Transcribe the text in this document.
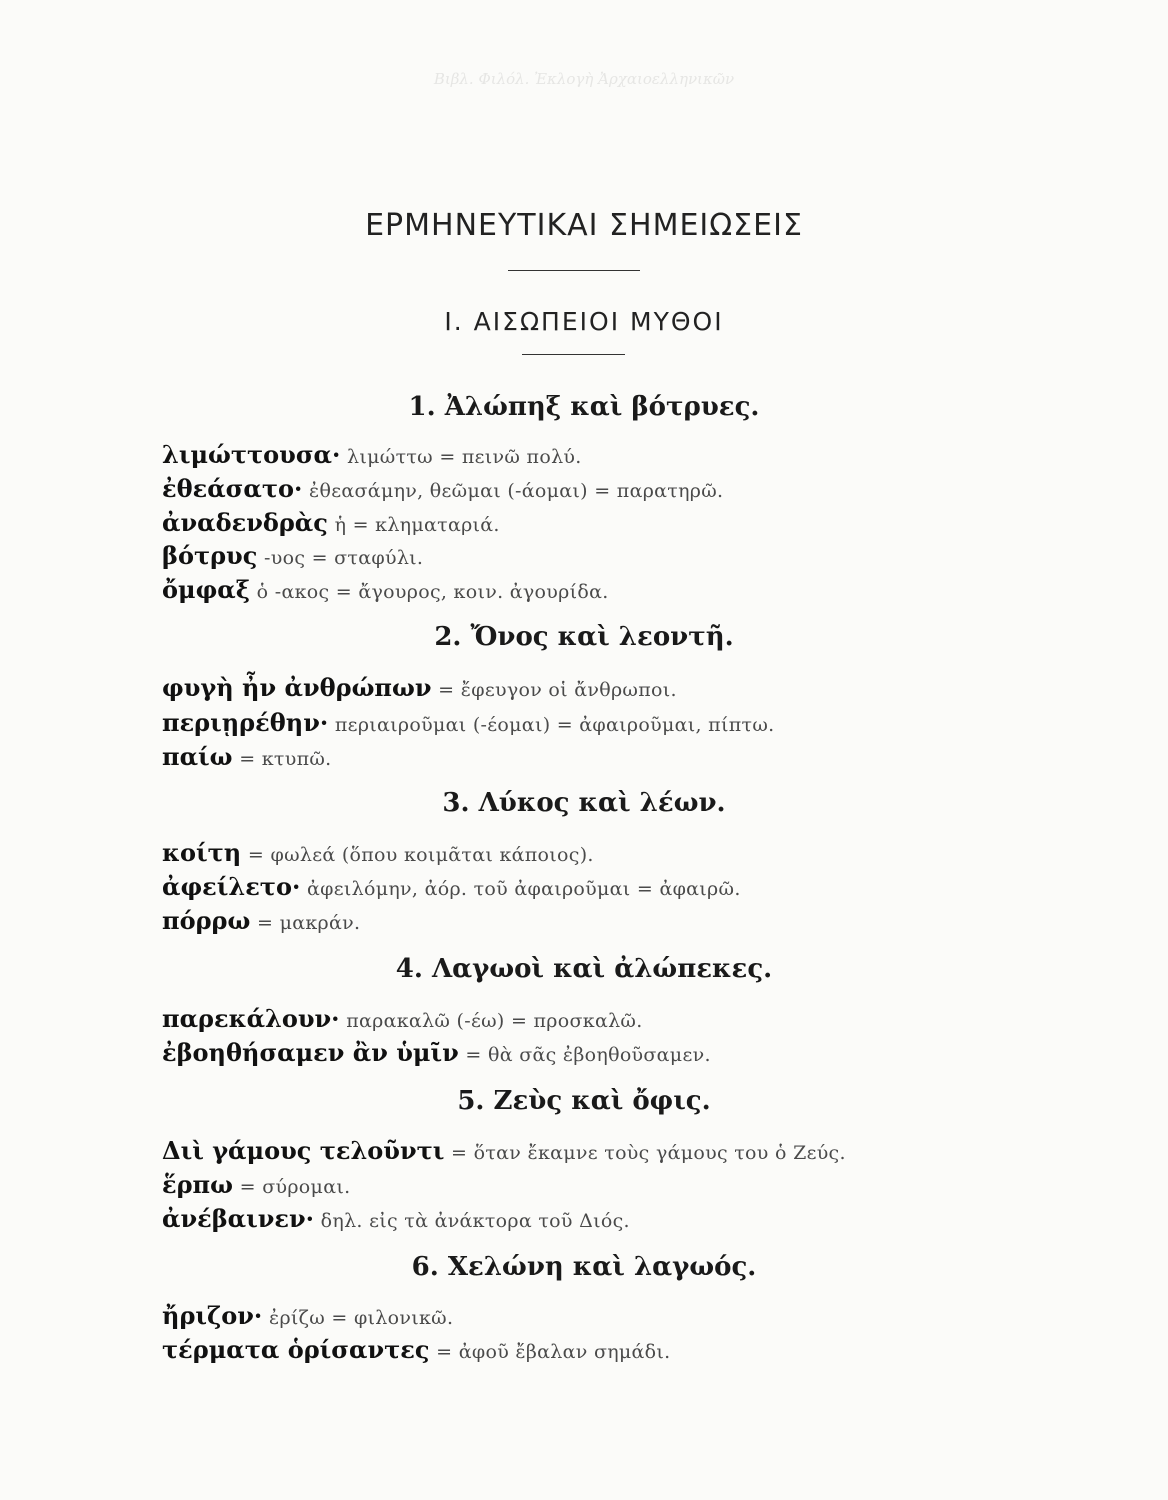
Βιβλ. Φιλόλ. Ἐκλογὴ Ἀρχαιοελληνικῶν
ΕΡΜΗΝΕΥΤΙΚΑΙ ΣΗΜΕΙΩΣΕΙΣ
Ι. ΑΙΣΩΠΕΙΟΙ ΜΥΘΟΙ
1. Ἀλώπηξ καὶ βότρυες.
λιμώττουσα· λιμώττω = πεινῶ πολύ.
ἐθεάσατο· ἐθεασάμην, θεῶμαι (-άομαι) = παρατηρῶ.
ἀναδενδρὰς ἡ = κληματαριά.
βότρυς -υος = σταφύλι.
ὄμφαξ ὁ -ακος = ἄγουρος, κοιν. ἀγουρίδα.
2. Ὄνος καὶ λεοντῆ.
φυγὴ ἦν ἀνθρώπων = ἔφευγον οἱ ἄνθρωποι.
περιῃρέθην· περιαιροῦμαι (-έομαι) = ἀφαιροῦμαι, πίπτω.
παίω = κτυπῶ.
3. Λύκος καὶ λέων.
κοίτη = φωλεά (ὅπου κοιμᾶται κάποιος).
ἀφείλετο· ἀφειλόμην, ἀόρ. τοῦ ἀφαιροῦμαι = ἀφαιρῶ.
πόρρω = μακράν.
4. Λαγωοὶ καὶ ἀλώπεκες.
παρεκάλουν· παρακαλῶ (-έω) = προσκαλῶ.
ἐβοηθήσαμεν ἂν ὑμῖν = θὰ σᾶς ἐβοηθοῦσαμεν.
5. Ζεὺς καὶ ὄφις.
Διὶ γάμους τελοῦντι = ὅταν ἔκαμνε τοὺς γάμους του ὁ Ζεύς.
ἕρπω = σύρομαι.
ἀνέβαινεν· δηλ. εἰς τὰ ἀνάκτορα τοῦ Διός.
6. Χελώνη καὶ λαγωός.
ἤριζον· ἐρίζω = φιλονικῶ.
τέρματα ὁρίσαντες = ἀφοῦ ἔβαλαν σημάδι.
